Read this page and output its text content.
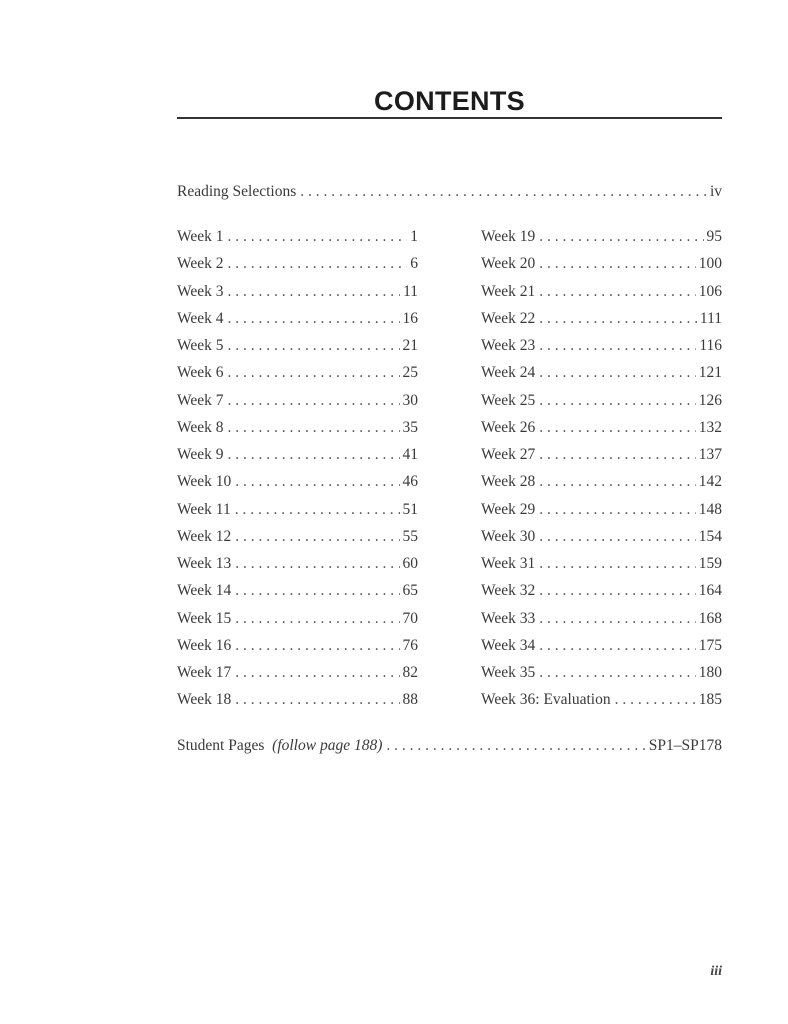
CONTENTS
Reading Selections . . .	iv
Week 1 . . .	1
Week 2 . . .	6
Week 3 . . .	11
Week 4 . . .	16
Week 5 . . .	21
Week 6 . . .	25
Week 7 . . .	30
Week 8 . . .	35
Week 9 . . .	41
Week 10 . . .	46
Week 11 . . .	51
Week 12 . . .	55
Week 13 . . .	60
Week 14 . . .	65
Week 15 . . .	70
Week 16 . . .	76
Week 17 . . .	82
Week 18 . . .	88
Week 19 . . .	95
Week 20 . . .	100
Week 21 . . .	106
Week 22 . . .	111
Week 23 . . .	116
Week 24 . . .	121
Week 25 . . .	126
Week 26 . . .	132
Week 27 . . .	137
Week 28 . . .	142
Week 29 . . .	148
Week 30 . . .	154
Week 31 . . .	159
Week 32 . . .	164
Week 33 . . .	168
Week 34 . . .	175
Week 35 . . .	180
Week 36: Evaluation . . .	185
Student Pages (follow page 188) . . .	SP1–SP178
iii
